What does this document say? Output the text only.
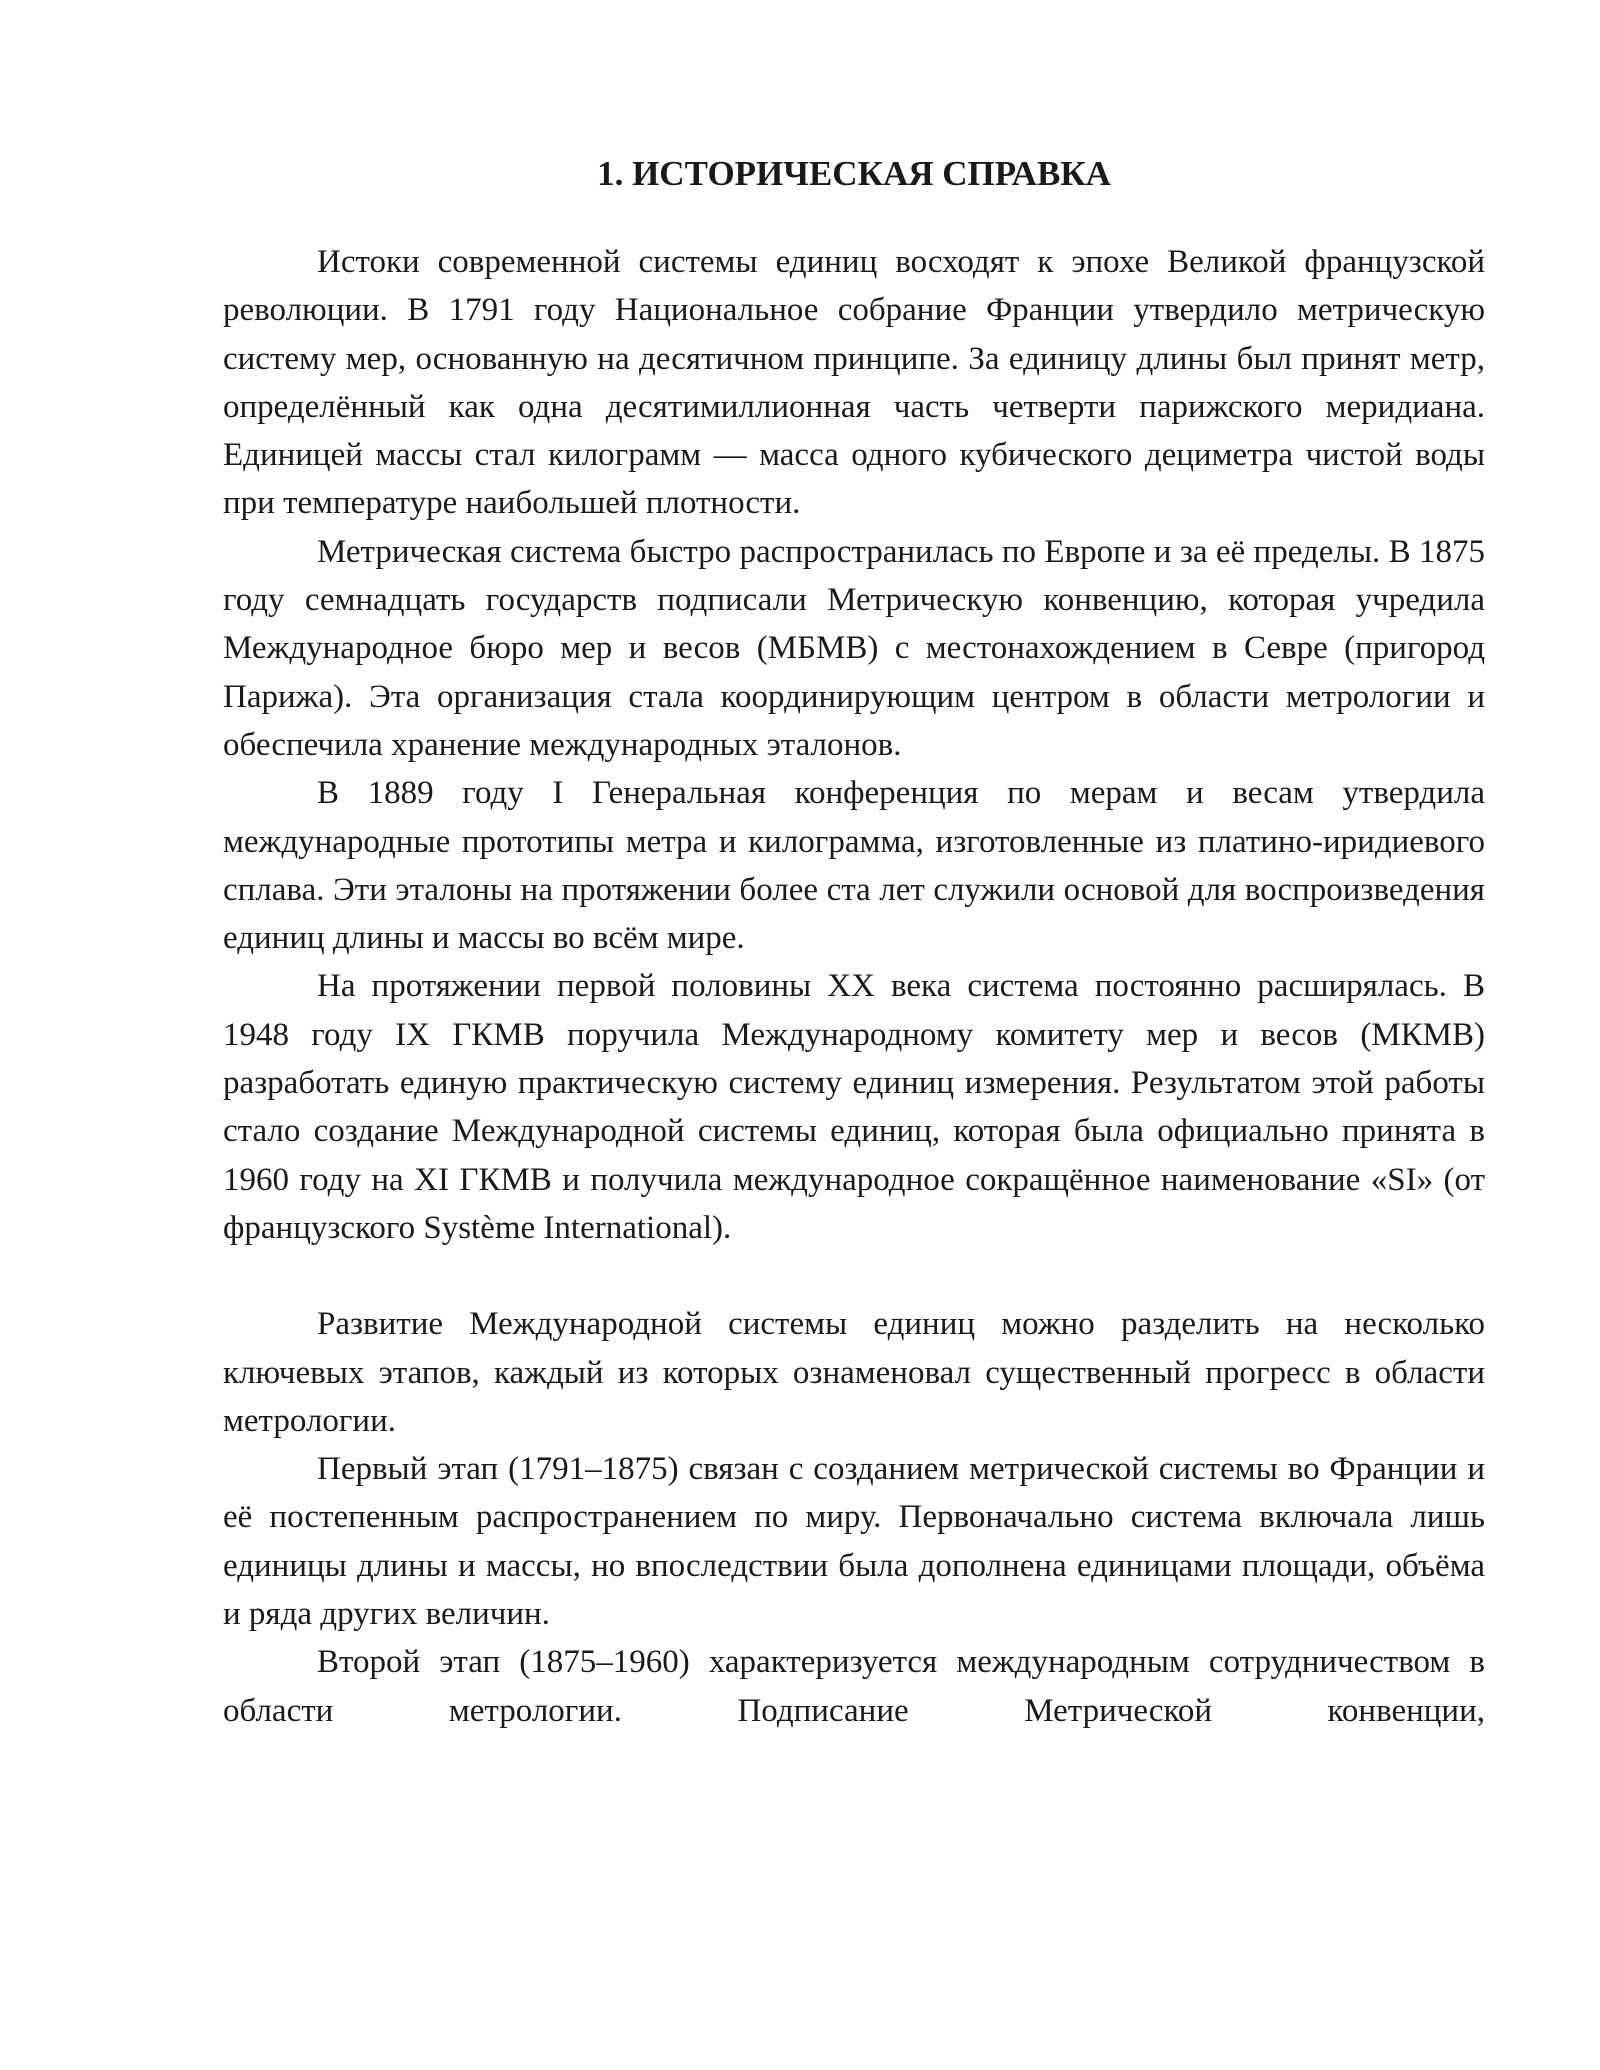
1. ИСТОРИЧЕСКАЯ СПРАВКА

Истоки современной системы единиц восходят к эпохе Великой французской революции. В 1791 году Национальное собрание Франции утвердило метрическую систему мер, основанную на десятичном принципе. За единицу длины был принят метр, определённый как одна десятимиллионная часть четверти парижского меридиана. Единицей массы стал килограмм — масса одного кубического дециметра чистой воды при температуре наибольшей плотности.

Метрическая система быстро распространилась по Европе и за её пределы. В 1875 году семнадцать государств подписали Метрическую конвенцию, которая учредила Международное бюро мер и весов (МБМВ) с местонахождением в Севре (пригород Парижа). Эта организация стала координирующим центром в области метрологии и обеспечила хранение международных эталонов.

В 1889 году I Генеральная конференция по мерам и весам утвердила международные прототипы метра и килограмма, изготовленные из платино-иридиевого сплава. Эти эталоны на протяжении более ста лет служили основой для воспроизведения единиц длины и массы во всём мире.

На протяжении первой половины XX века система постоянно расширялась. В 1948 году IX ГКМВ поручила Международному комитету мер и весов (МКМВ) разработать единую практическую систему единиц измерения. Результатом этой работы стало создание Международной системы единиц, которая была официально принята в 1960 году на XI ГКМВ и получила международное сокращённое наименование «SI» (от французского Système International).

Развитие Международной системы единиц можно разделить на несколько ключевых этапов, каждый из которых ознаменовал существенный прогресс в области метрологии.

Первый этап (1791–1875) связан с созданием метрической системы во Франции и её постепенным распространением по миру. Первоначально система включала лишь единицы длины и массы, но впоследствии была дополнена единицами площади, объёма и ряда других величин.

Второй этап (1875–1960) характеризуется международным сотрудничеством в области метрологии. Подписание Метрической конвенции,
